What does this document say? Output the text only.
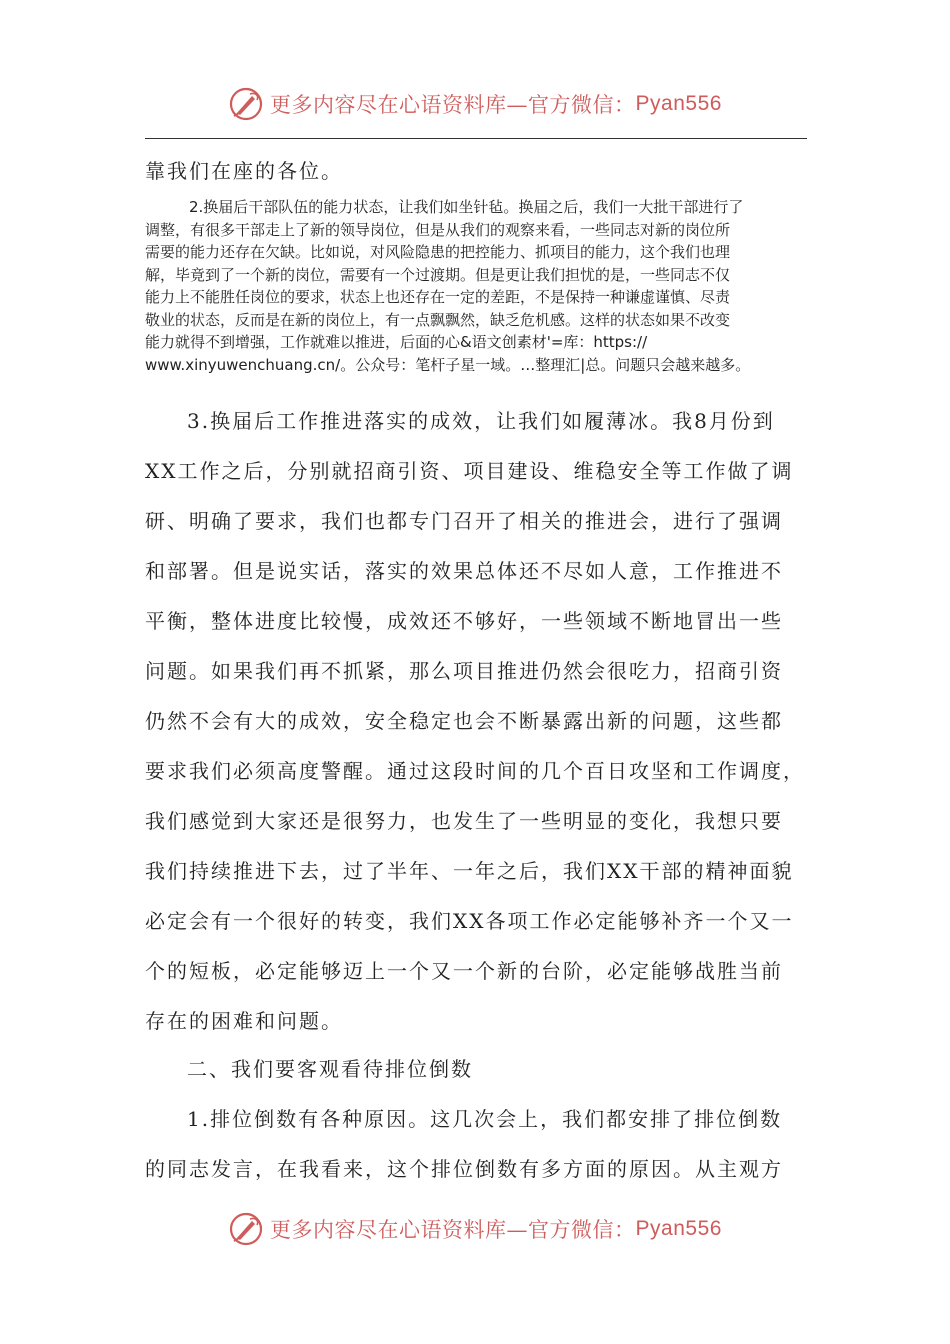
更多内容尽在心语资料库—官方微信： Pyan556

靠我们在座的各位。

2.换届后干部队伍的能力状态，让我们如坐针毡。换届之后，我们一大批干部进行了
调整，有很多干部走上了新的领导岗位，但是从我们的观察来看，一些同志对新的岗位所
需要的能力还存在欠缺。比如说，对风险隐患的把控能力、抓项目的能力，这个我们也理
解，毕竟到了一个新的岗位，需要有一个过渡期。但是更让我们担忧的是，一些同志不仅
能力上不能胜任岗位的要求，状态上也还存在一定的差距，不是保持一种谦虚谨慎、尽责
敬业的状态，反而是在新的岗位上，有一点飘飘然，缺乏危机感。这样的状态如果不改变
能力就得不到增强，工作就难以推进，后面的心&语文创素材'=库：https://
www.xinyuwenchuang.cn/。公众号：笔杆子星一域。…整理汇|总。问题只会越来越多。
3.换届后工作推进落实的成效，让我们如履薄冰。我8月份到
XX工作之后，分别就招商引资、项目建设、维稳安全等工作做了调
研、明确了要求，我们也都专门召开了相关的推进会，进行了强调
和部署。但是说实话，落实的效果总体还不尽如人意，工作推进不
平衡，整体进度比较慢，成效还不够好，一些领域不断地冒出一些
问题。如果我们再不抓紧，那么项目推进仍然会很吃力，招商引资
仍然不会有大的成效，安全稳定也会不断暴露出新的问题，这些都
要求我们必须高度警醒。通过这段时间的几个百日攻坚和工作调度，
我们感觉到大家还是很努力，也发生了一些明显的变化，我想只要
我们持续推进下去，过了半年、一年之后，我们XX干部的精神面貌
必定会有一个很好的转变，我们XX各项工作必定能够补齐一个又一
个的短板，必定能够迈上一个又一个新的台阶，必定能够战胜当前
存在的困难和问题。

二、我们要客观看待排位倒数

1.排位倒数有各种原因。这几次会上，我们都安排了排位倒数
的同志发言，在我看来，这个排位倒数有多方面的原因。从主观方
更多内容尽在心语资料库—官方微信： Pyan556
